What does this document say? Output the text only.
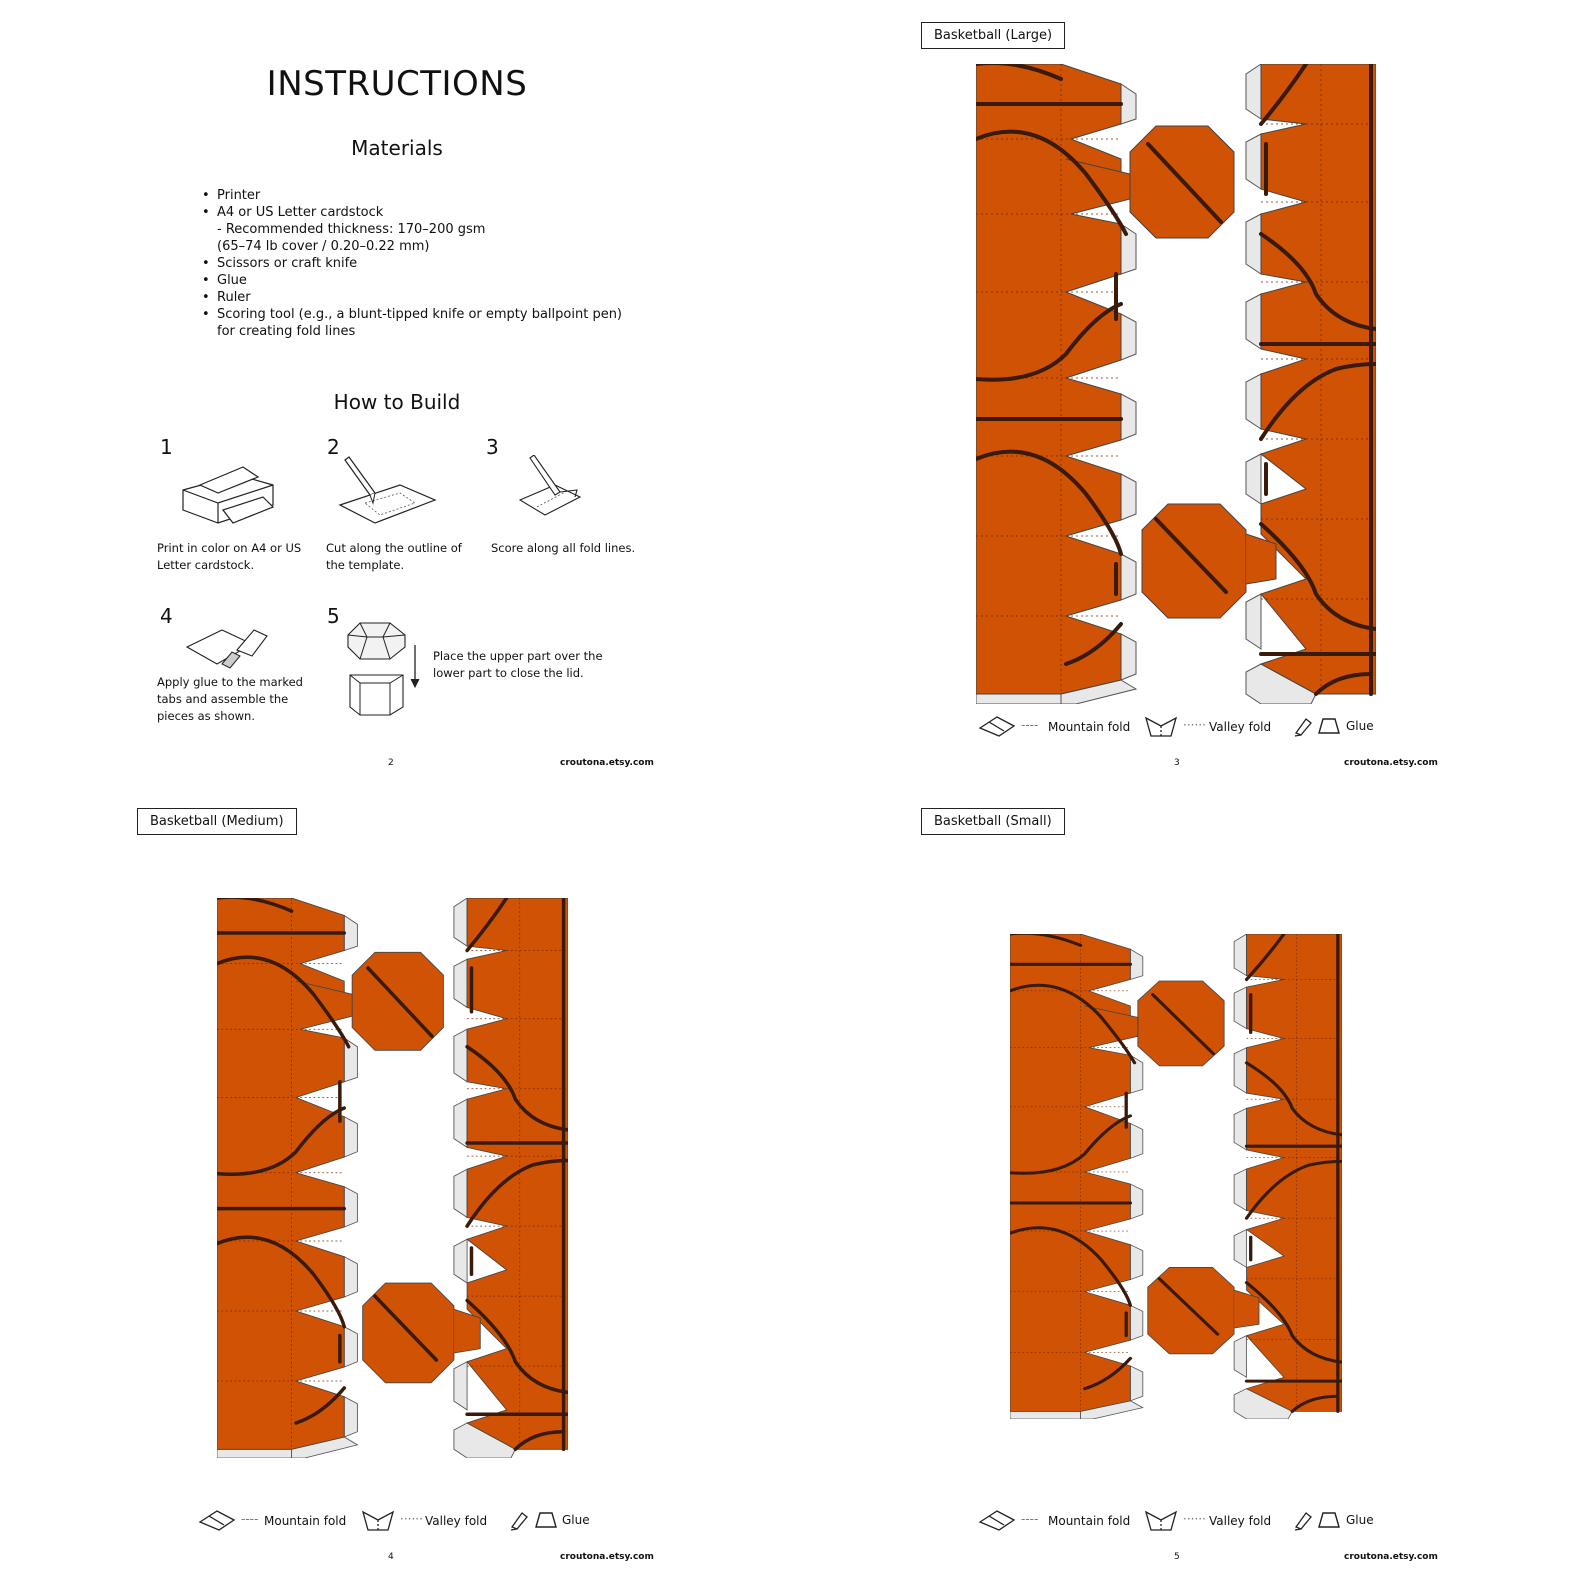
INSTRUCTIONS
Materials
• Printer
• A4 or US Letter cardstock
- Recommended thickness: 170–200 gsm
(65–74 lb cover / 0.20–0.22 mm)
• Scissors or craft knife
• Glue
• Ruler
• Scoring tool (e.g., a blunt-tipped knife or empty ballpoint pen)
for creating fold lines
How to Build
1
Print in color on A4 or US Letter cardstock.
2
Cut along the outline of the template.
3
Score along all fold lines.
4
Apply glue to the marked tabs and assemble the pieces as shown.
5
Place the upper part over the lower part to close the lid.
2	croutona.etsy.com
Basketball (Large)
---- Mountain fold	······ Valley fold	Glue
3	croutona.etsy.com
Basketball (Medium)
---- Mountain fold	······ Valley fold	Glue
4	croutona.etsy.com
Basketball (Small)
---- Mountain fold	······ Valley fold	Glue
5	croutona.etsy.com
